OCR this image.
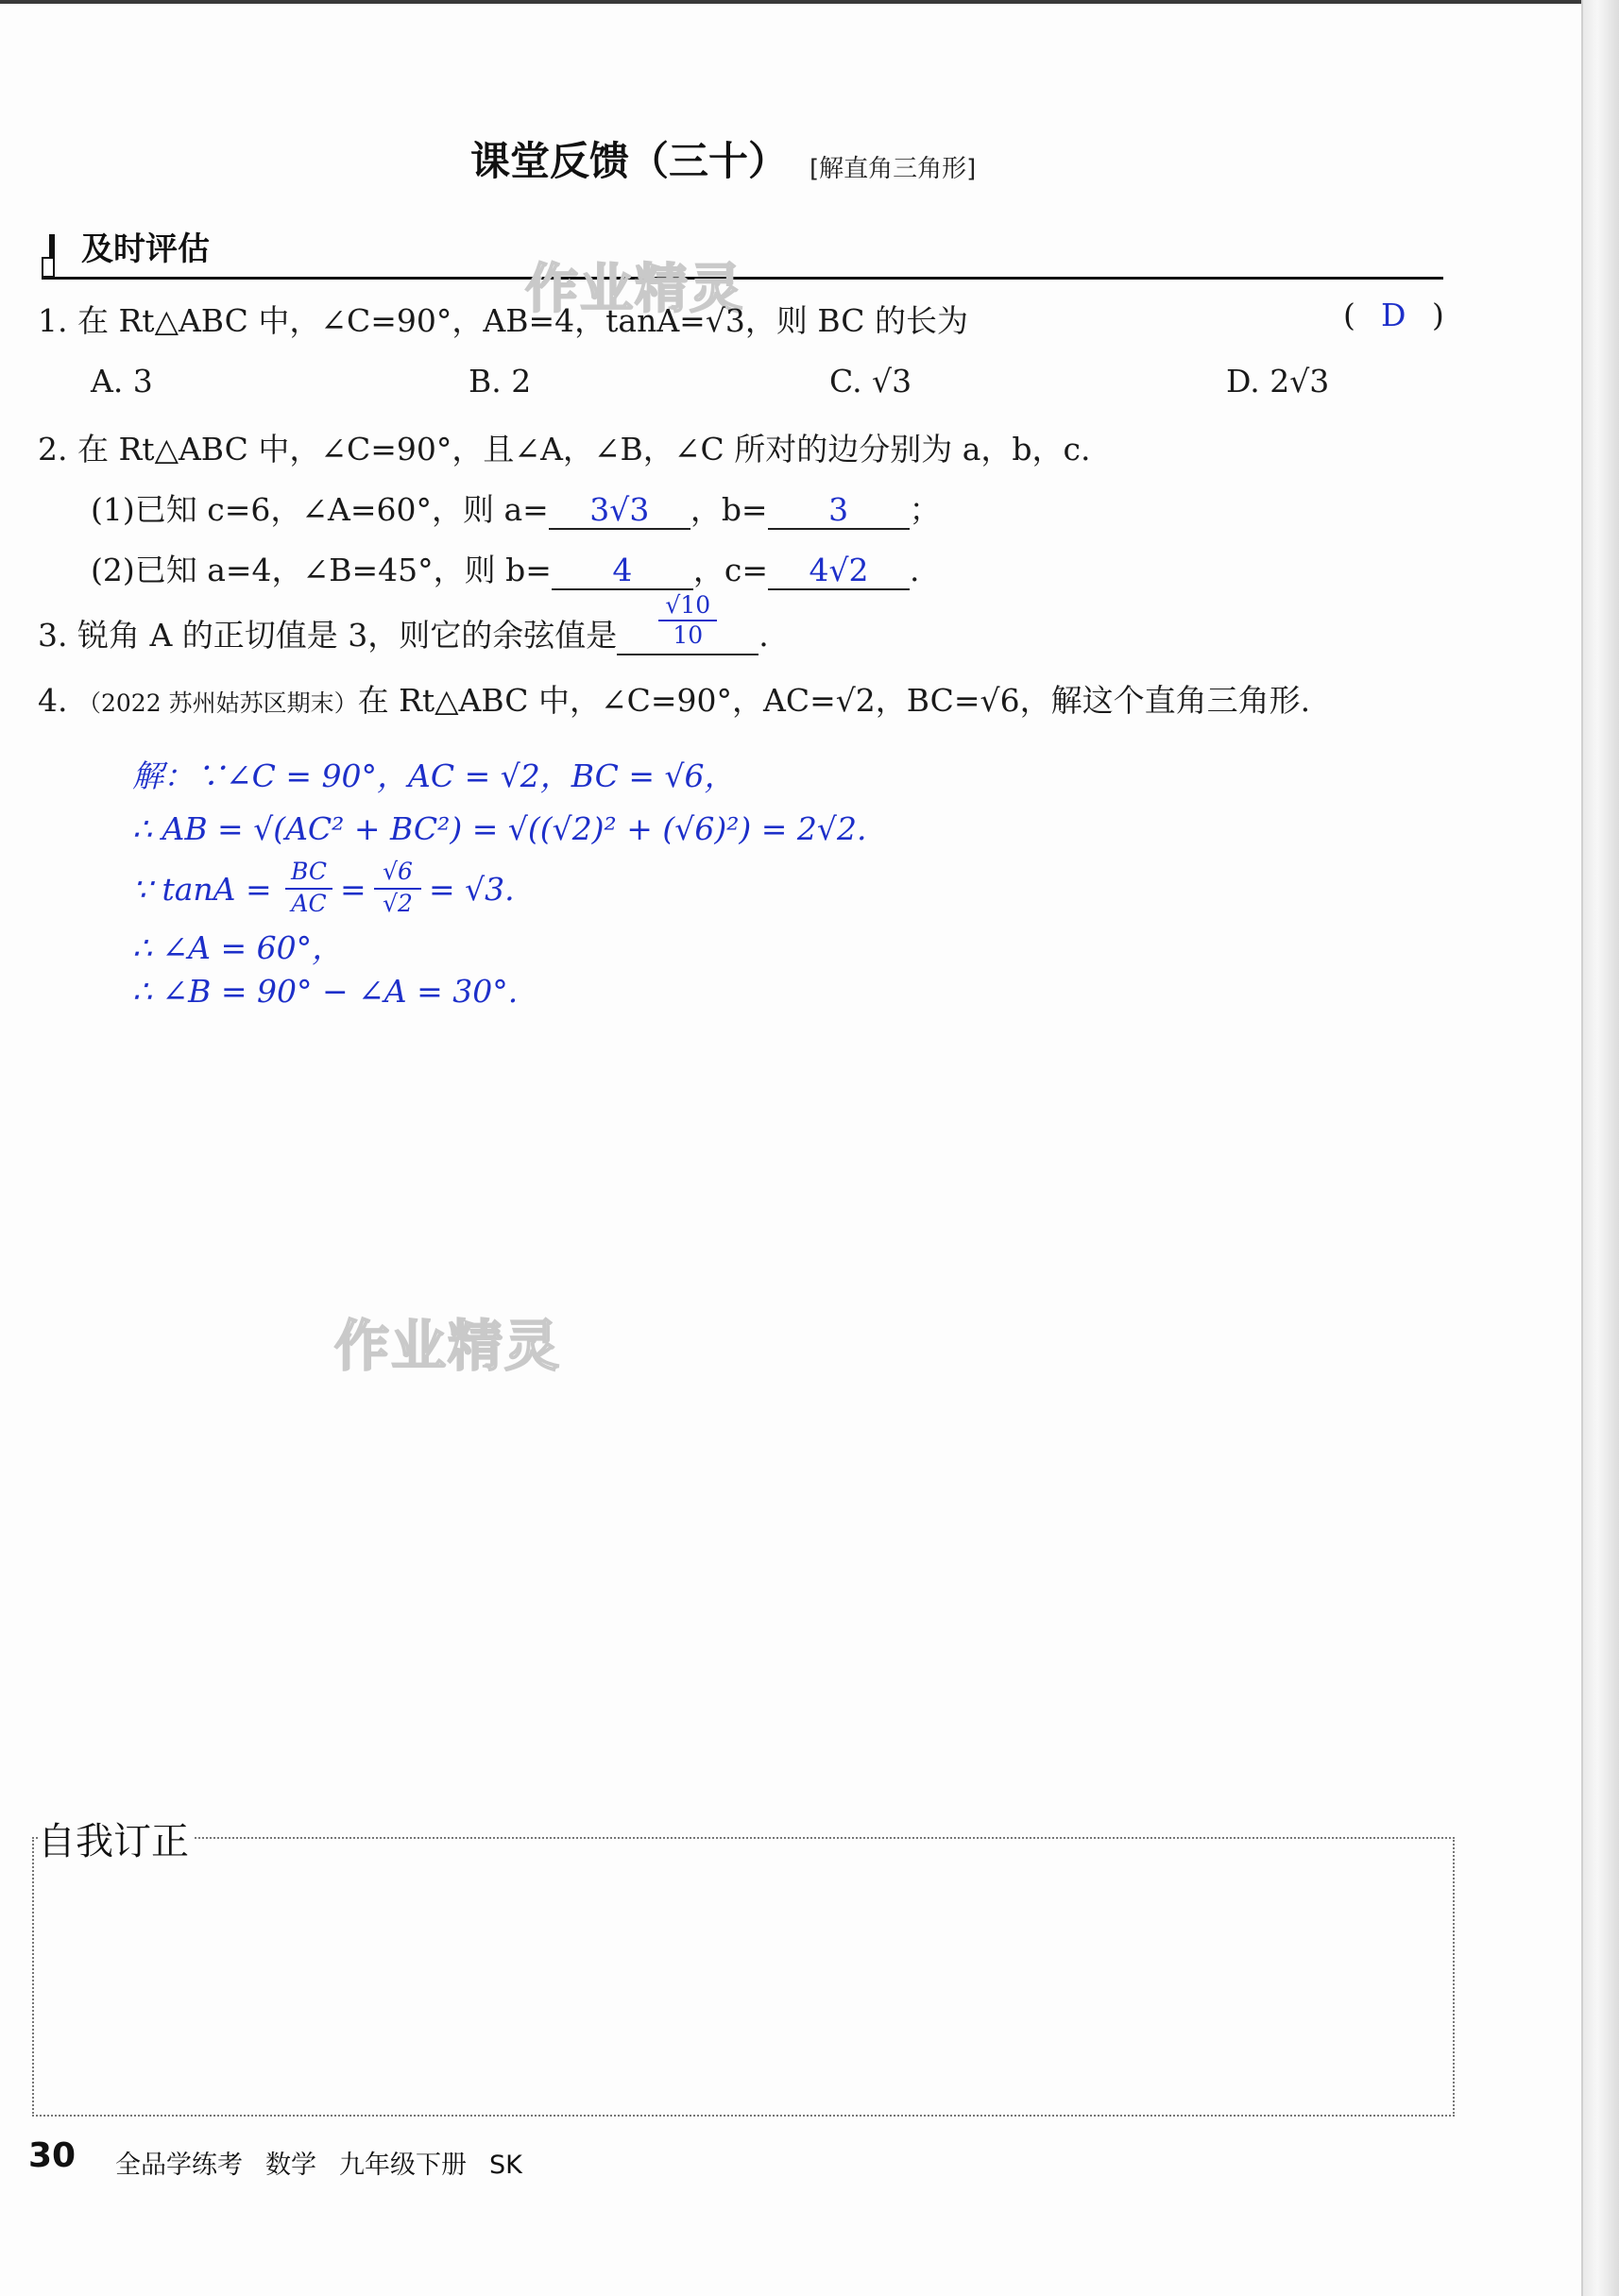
课堂反馈（三十） [解直角三角形]
及时评估
作业精灵
1. 在 Rt△ABC 中，∠C=90°，AB=4，tanA=√3，则 BC 的长为	( D )
A. 3	B. 2	C. √3	D. 2√3
2. 在 Rt△ABC 中，∠C=90°，且∠A，∠B，∠C 所对的边分别为 a，b，c.
(1)已知 c=6，∠A=60°，则 a= 3√3 ，b= 3 ；
(2)已知 a=4，∠B=45°，则 b= 4 ，c= 4√2 .
3. 锐角 A 的正切值是 3，则它的余弦值是 $\frac{√10}{10}$ .
4. （2022 苏州姑苏区期末）在 Rt△ABC 中，∠C=90°，AC=√2，BC=√6，解这个直角三角形.
解：∵∠C = 90°，AC = √2，BC = √6，
∴ AB = √(AC² + BC²) = √((√2)² + (√6)²) = 2√2.
∵ tanA = BC
AC = √6
√2 = √3.
∴ ∠A = 60°，
∴ ∠B = 90° − ∠A = 30°.
作业精灵
自我订正
30 全品学练考 数学 九年级下册 SK
